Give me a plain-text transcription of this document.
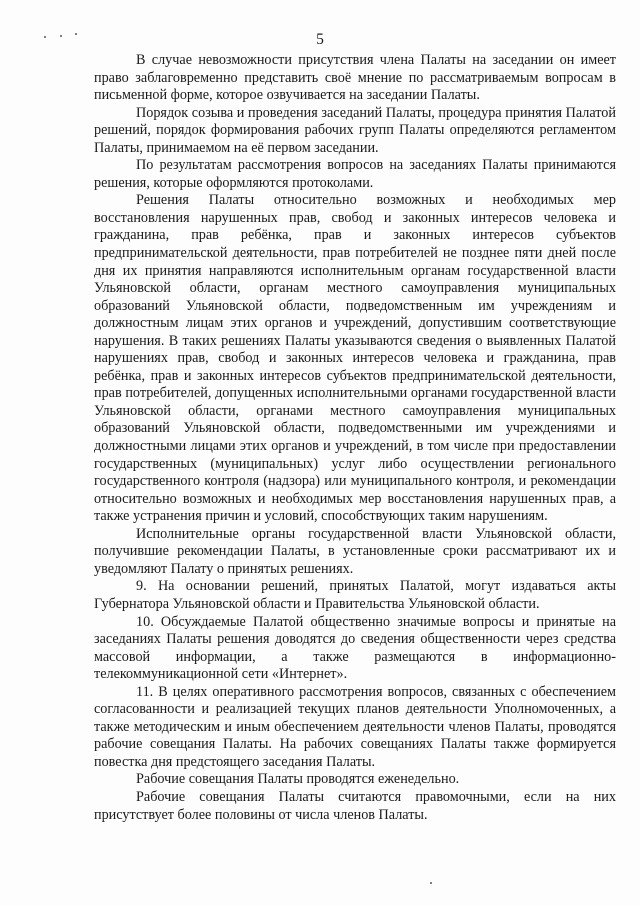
5

В случае невозможности присутствия члена Палаты на заседании он имеет право заблаговременно представить своё мнение по рассматриваемым вопросам в письменной форме, которое озвучивается на заседании Палаты.

Порядок созыва и проведения заседаний Палаты, процедура принятия Палатой решений, порядок формирования рабочих групп Палаты определяются регламентом Палаты, принимаемом на её первом заседании.

По результатам рассмотрения вопросов на заседаниях Палаты принимаются решения, которые оформляются протоколами.

Решения Палаты относительно возможных и необходимых мер восстановления нарушенных прав, свобод и законных интересов человека и гражданина, прав ребёнка, прав и законных интересов субъектов предпринимательской деятельности, прав потребителей не позднее пяти дней после дня их принятия направляются исполнительным органам государственной власти Ульяновской области, органам местного самоуправления муниципальных образований Ульяновской области, подведомственным им учреждениям и должностным лицам этих органов и учреждений, допустившим соответствующие нарушения. В таких решениях Палаты указываются сведения о выявленных Палатой нарушениях прав, свобод и законных интересов человека и гражданина, прав ребёнка, прав и законных интересов субъектов предпринимательской деятельности, прав потребителей, допущенных исполнительными органами государственной власти Ульяновской области, органами местного самоуправления муниципальных образований Ульяновской области, подведомственными им учреждениями и должностными лицами этих органов и учреждений, в том числе при предоставлении государственных (муниципальных) услуг либо осуществлении регионального государственного контроля (надзора) или муниципального контроля, и рекомендации относительно возможных и необходимых мер восстановления нарушенных прав, а также устранения причин и условий, способствующих таким нарушениям.

Исполнительные органы государственной власти Ульяновской области, получившие рекомендации Палаты, в установленные сроки рассматривают их и уведомляют Палату о принятых решениях.

9. На основании решений, принятых Палатой, могут издаваться акты Губернатора Ульяновской области и Правительства Ульяновской области.

10. Обсуждаемые Палатой общественно значимые вопросы и принятые на заседаниях Палаты решения доводятся до сведения общественности через средства массовой информации, а также размещаются в информационно-телекоммуникационной сети «Интернет».

11. В целях оперативного рассмотрения вопросов, связанных с обеспечением согласованности и реализацией текущих планов деятельности Уполномоченных, а также методическим и иным обеспечением деятельности членов Палаты, проводятся рабочие совещания Палаты. На рабочих совещаниях Палаты также формируется повестка дня предстоящего заседания Палаты.

Рабочие совещания Палаты проводятся еженедельно.

Рабочие совещания Палаты считаются правомочными, если на них присутствует более половины от числа членов Палаты.
